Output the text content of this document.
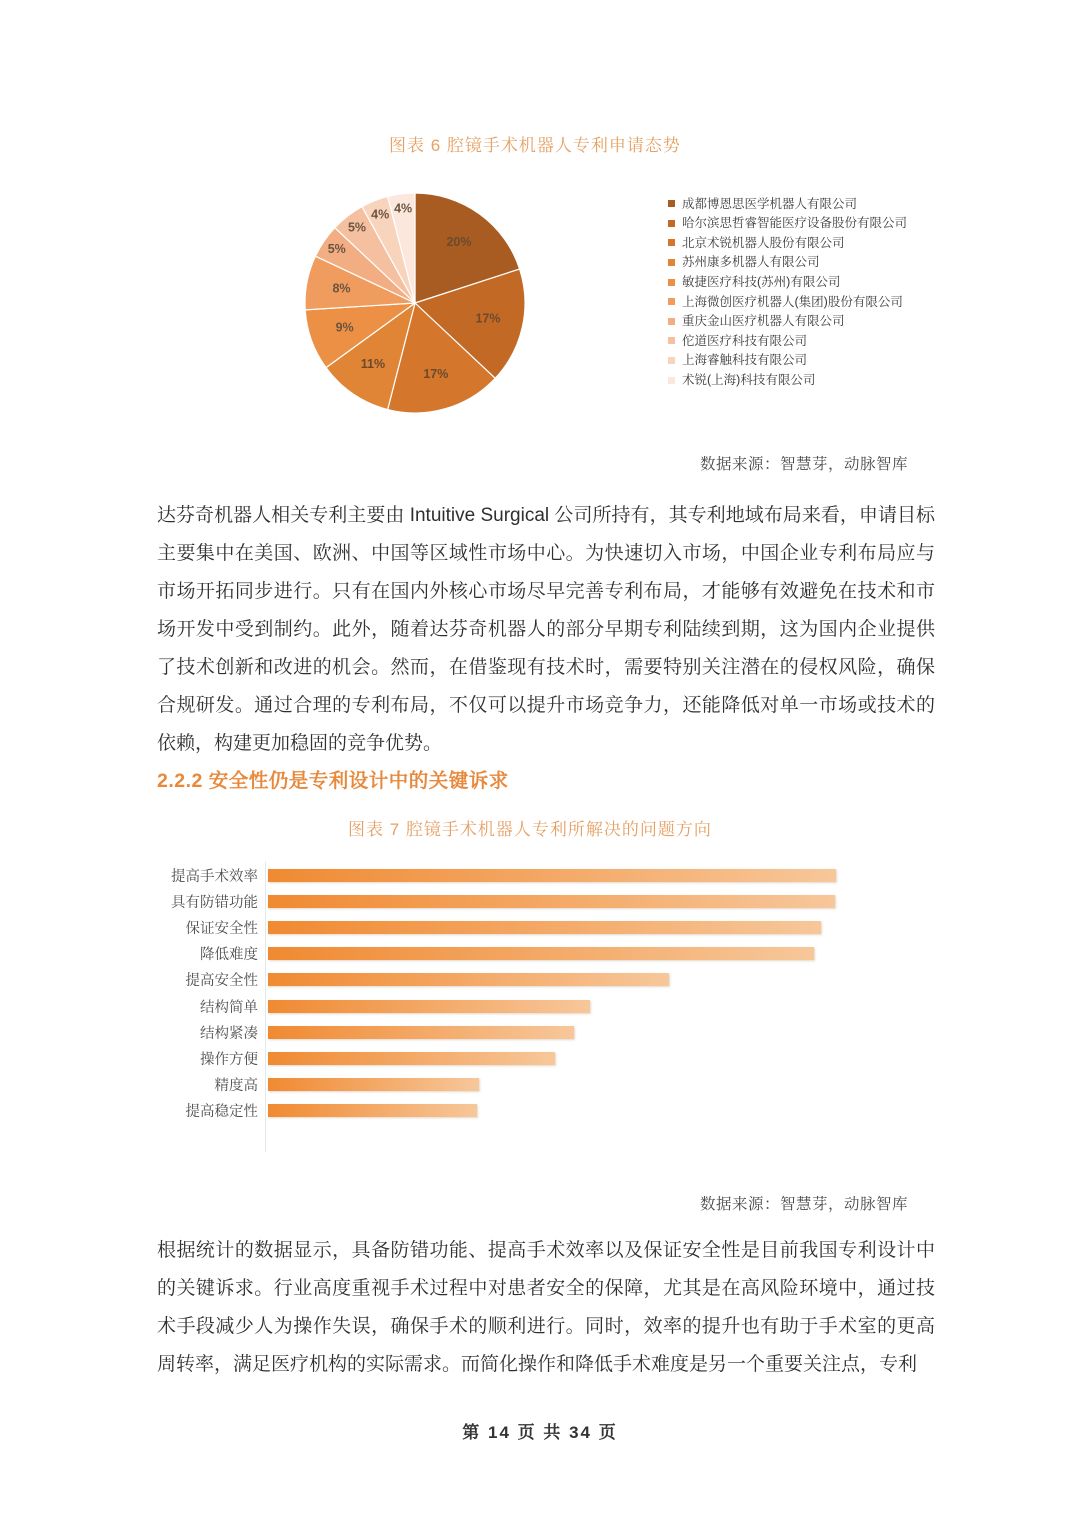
图表 6 腔镜手术机器人专利申请态势
20%
17%
17%
11%
9%
8%
5%
5%
4% 4%	成都博恩思医学机器人有限公司
哈尔滨思哲睿智能医疗设备股份有限公司
北京术锐机器人股份有限公司
苏州康多机器人有限公司
敏捷医疗科技(苏州)有限公司
上海微创医疗机器人(集团)股份有限公司
重庆金山医疗机器人有限公司
佗道医疗科技有限公司
上海睿触科技有限公司
术锐(上海)科技有限公司
数据来源：智慧芽，动脉智库
达芬奇机器人相关专利主要由 Intuitive Surgical 公司所持有，其专利地域布局来看，申请目标主要集中在美国、欧洲、中国等区域性市场中心。为快速切入市场，中国企业专利布局应与市场开拓同步进行。只有在国内外核心市场尽早完善专利布局，才能够有效避免在技术和市场开发中受到制约。此外，随着达芬奇机器人的部分早期专利陆续到期，这为国内企业提供了技术创新和改进的机会。然而，在借鉴现有技术时，需要特别关注潜在的侵权风险，确保合规研发。通过合理的专利布局，不仅可以提升市场竞争力，还能降低对单一市场或技术的依赖，构建更加稳固的竞争优势。
2.2.2 安全性仍是专利设计中的关键诉求
图表 7 腔镜手术机器人专利所解决的问题方向
提高手术效率
具有防错功能
保证安全性
降低难度
提高安全性
结构简单
结构紧凑
操作方便
精度高
提高稳定性
数据来源：智慧芽，动脉智库
根据统计的数据显示，具备防错功能、提高手术效率以及保证安全性是目前我国专利设计中的关键诉求。行业高度重视手术过程中对患者安全的保障，尤其是在高风险环境中，通过技术手段减少人为操作失误，确保手术的顺利进行。同时，效率的提升也有助于手术室的更高周转率，满足医疗机构的实际需求。而简化操作和降低手术难度是另一个重要关注点，专利
第 14 页 共 34 页
